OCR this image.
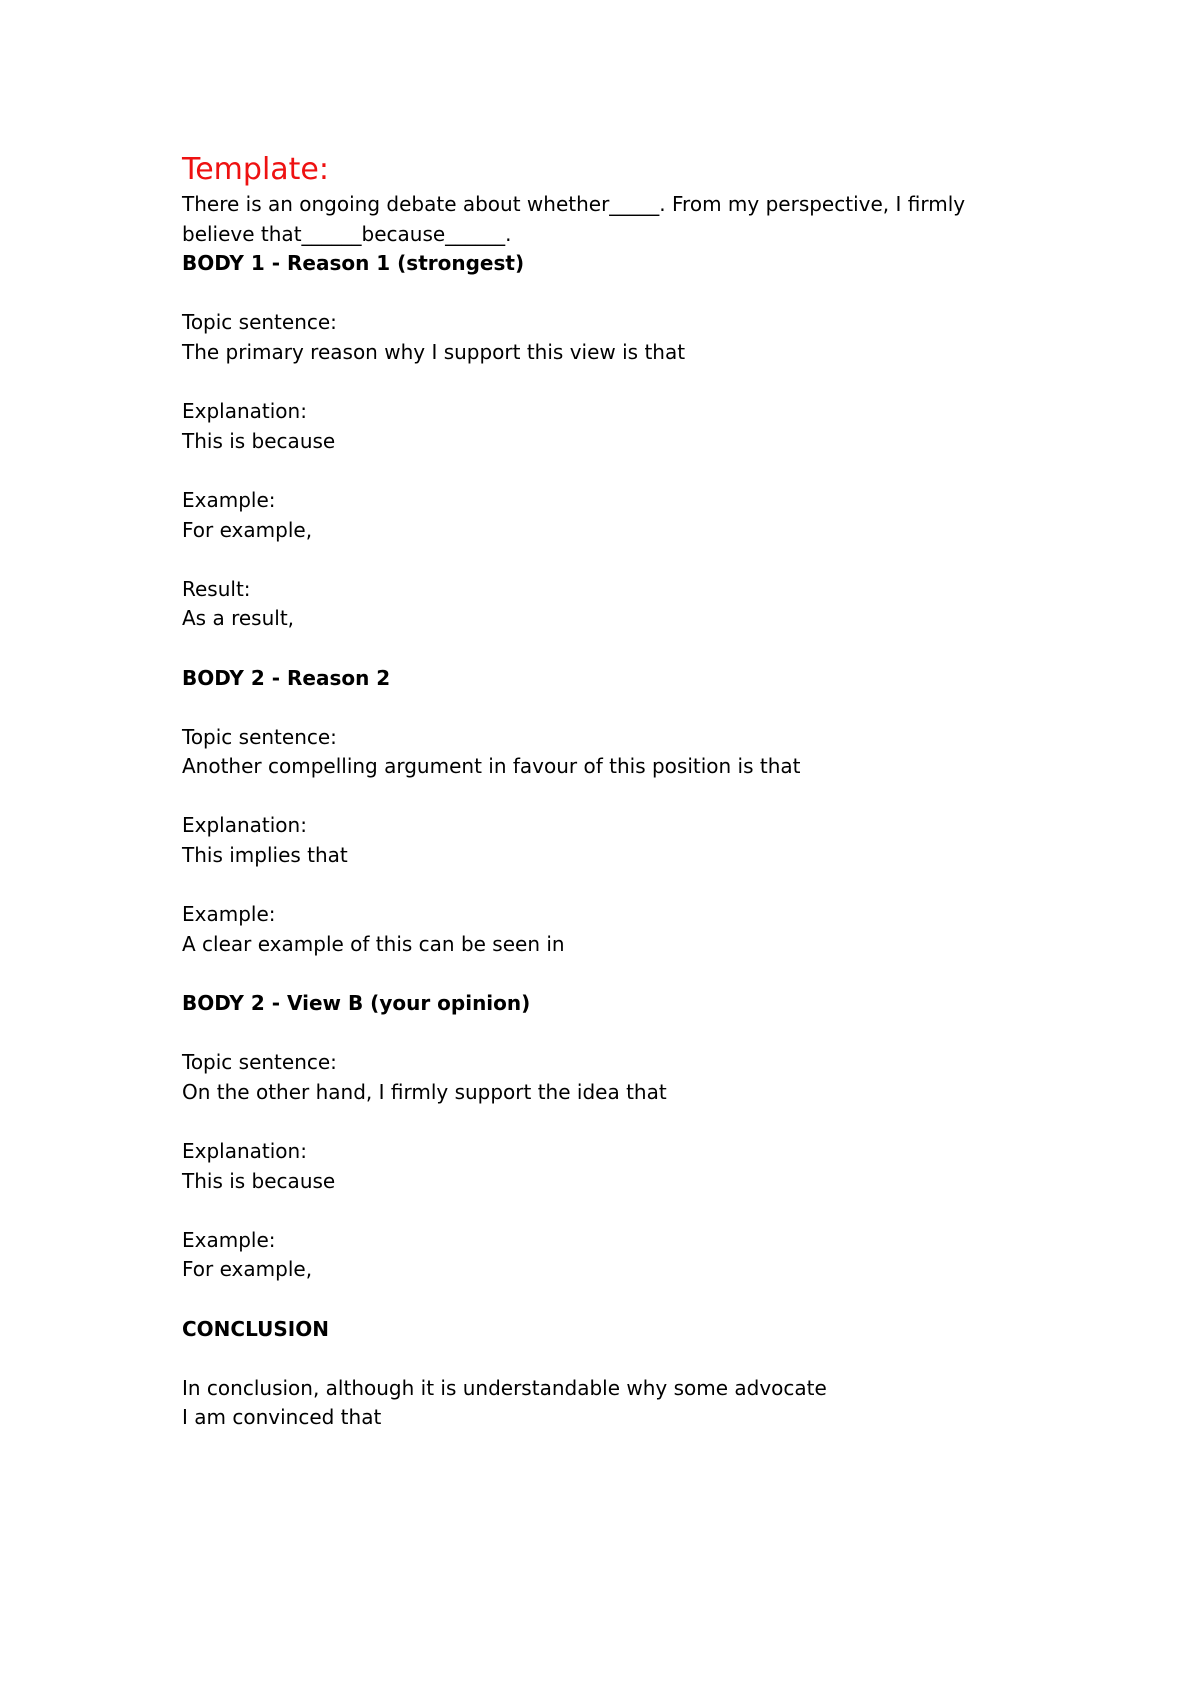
Template:

There is an ongoing debate about whether_____. From my perspective, I firmly

believe that______because______.

BODY 1 - Reason 1 (strongest)

Topic sentence:

The primary reason why I support this view is that

Explanation:

This is because

Example:

For example,

Result:

As a result,

BODY 2 - Reason 2

Topic sentence:

Another compelling argument in favour of this position is that

Explanation:

This implies that

Example:

A clear example of this can be seen in

BODY 2 - View B (your opinion)

Topic sentence:

On the other hand, I firmly support the idea that

Explanation:

This is because

Example:

For example,

CONCLUSION

In conclusion, although it is understandable why some advocate

I am convinced that
